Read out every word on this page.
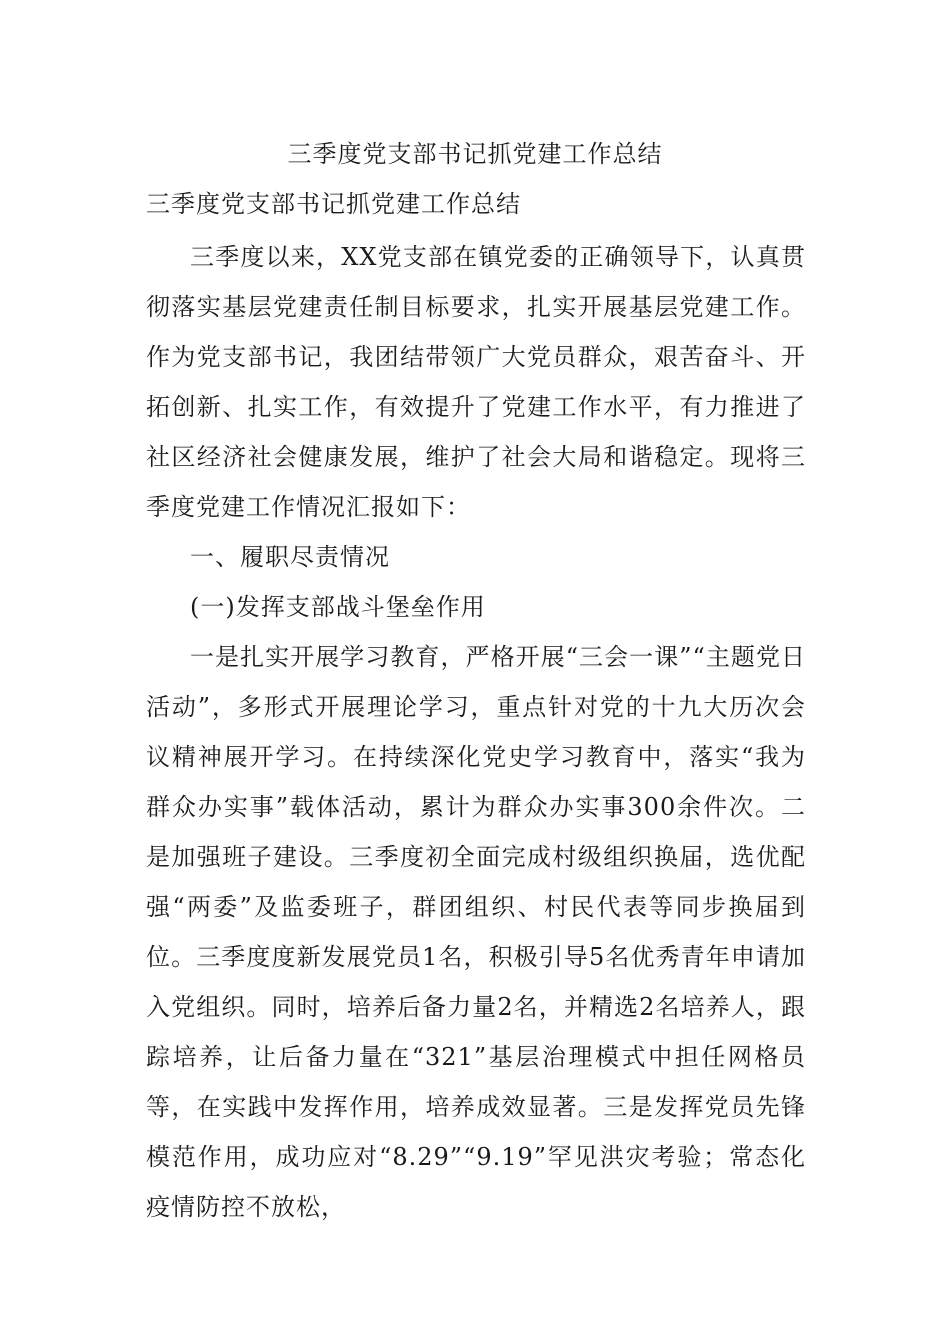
三季度党支部书记抓党建工作总结
三季度党支部书记抓党建工作总结

三季度以来，XX党支部在镇党委的正确领导下，认真贯彻落实基层党建责任制目标要求，扎实开展基层党建工作。作为党支部书记，我团结带领广大党员群众，艰苦奋斗、开拓创新、扎实工作，有效提升了党建工作水平，有力推进了社区经济社会健康发展，维护了社会大局和谐稳定。现将三季度党建工作情况汇报如下：

一、履职尽责情况

(一)发挥支部战斗堡垒作用

一是扎实开展学习教育，严格开展“三会一课”“主题党日活动”，多形式开展理论学习，重点针对党的十九大历次会议精神展开学习。在持续深化党史学习教育中，落实“我为群众办实事”载体活动，累计为群众办实事300余件次。二是加强班子建设。三季度初全面完成村级组织换届，选优配强“两委”及监委班子，群团组织、村民代表等同步换届到位。三季度度新发展党员1名，积极引导5名优秀青年申请加入党组织。同时，培养后备力量2名，并精选2名培养人，跟踪培养，让后备力量在“321”基层治理模式中担任网格员等，在实践中发挥作用，培养成效显著。三是发挥党员先锋模范作用，成功应对“8.29”“9.19”罕见洪灾考验；常态化疫情防控不放松，
